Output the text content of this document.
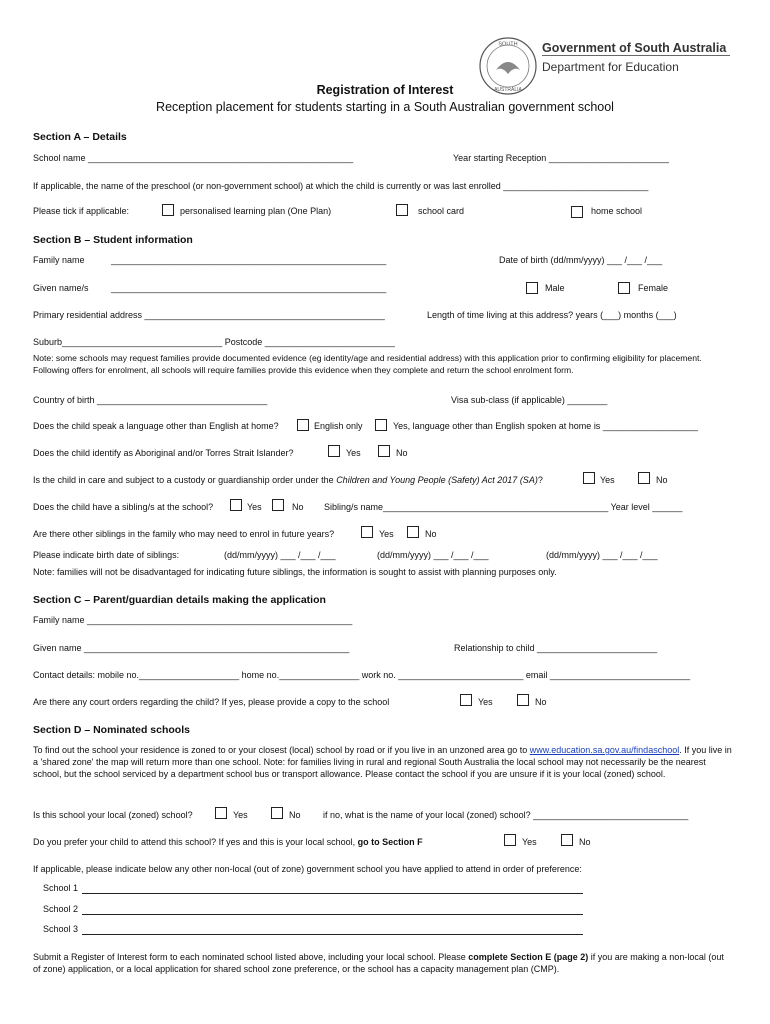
SOUTH
AUSTRALIA
Government of South Australia
Department for Education
Registration of Interest
Reception placement for students starting in a South Australian government school
Section A – Details
School name _____________________________________________________	Year starting Reception ________________________
If applicable, the name of the preschool (or non-government school) at which the child is currently or was last enrolled _____________________________
Please tick if applicable:	personalised learning plan (One Plan)	school card	home school
Section B – Student information
Family name	_______________________________________________________	Date of birth (dd/mm/yyyy) ___ /___ /___
Given name/s _______________________________________________________	Male	Female
Primary residential address ________________________________________________	Length of time living at this address? years (___) months (___)
Suburb________________________________ Postcode __________________________
Note: some schools may request families provide documented evidence (eg identity/age and residential address) with this application prior to confirming eligibility for placement. Following offers for enrolment, all schools will require families provide this evidence when they complete and return the school enrolment form.
Country of birth __________________________________	Visa sub-class (if applicable) ________
Does the child speak a language other than English at home?	English only	Yes, language other than English spoken at home is ___________________
Does the child identify as Aboriginal and/or Torres Strait Islander?	Yes	No
Is the child in care and subject to a custody or guardianship order under the Children and Young People (Safety) Act 2017 (SA)?	Yes	No
Does the child have a sibling/s at the school?	Yes	No Sibling/s name_____________________________________________ Year level ______
Are there other siblings in the family who may need to enrol in future years?	Yes	No
Please indicate birth date of siblings:	(dd/mm/yyyy) ___ /___ /___	(dd/mm/yyyy) ___ /___ /___	(dd/mm/yyyy) ___ /___ /___
Note: families will not be disadvantaged for indicating future siblings, the information is sought to assist with planning purposes only.
Section C – Parent/guardian details making the application
Family name _____________________________________________________
Given name _____________________________________________________	Relationship to child ________________________
Contact details: mobile no.____________________ home no.________________ work no. _________________________ email ____________________________
Are there any court orders regarding the child? If yes, please provide a copy to the school	Yes	No
Section D – Nominated schools
To find out the school your residence is zoned to or your closest (local) school by road or if you live in an unzoned area go to www.education.sa.gov.au/findaschool. If you live in a 'shared zone' the map will return more than one school. Note: for families living in rural and regional South Australia the local school may not necessarily be the nearest school, but the school serviced by a department school bus or transport allowance. Please contact the school if you are unsure if it is your local (zoned) school.
Is this school your local (zoned) school?	Yes	No if no, what is the name of your local (zoned) school? _______________________________
Do you prefer your child to attend this school? If yes and this is your local school, go to Section F	Yes	No
If applicable, please indicate below any other non-local (out of zone) government school you have applied to attend in order of preference:
School 1
School 2
School 3
Submit a Register of Interest form to each nominated school listed above, including your local school. Please complete Section E (page 2) if you are making a non-local (out of zone) application, or a local application for shared school zone preference, or the school has a capacity management plan (CMP).
